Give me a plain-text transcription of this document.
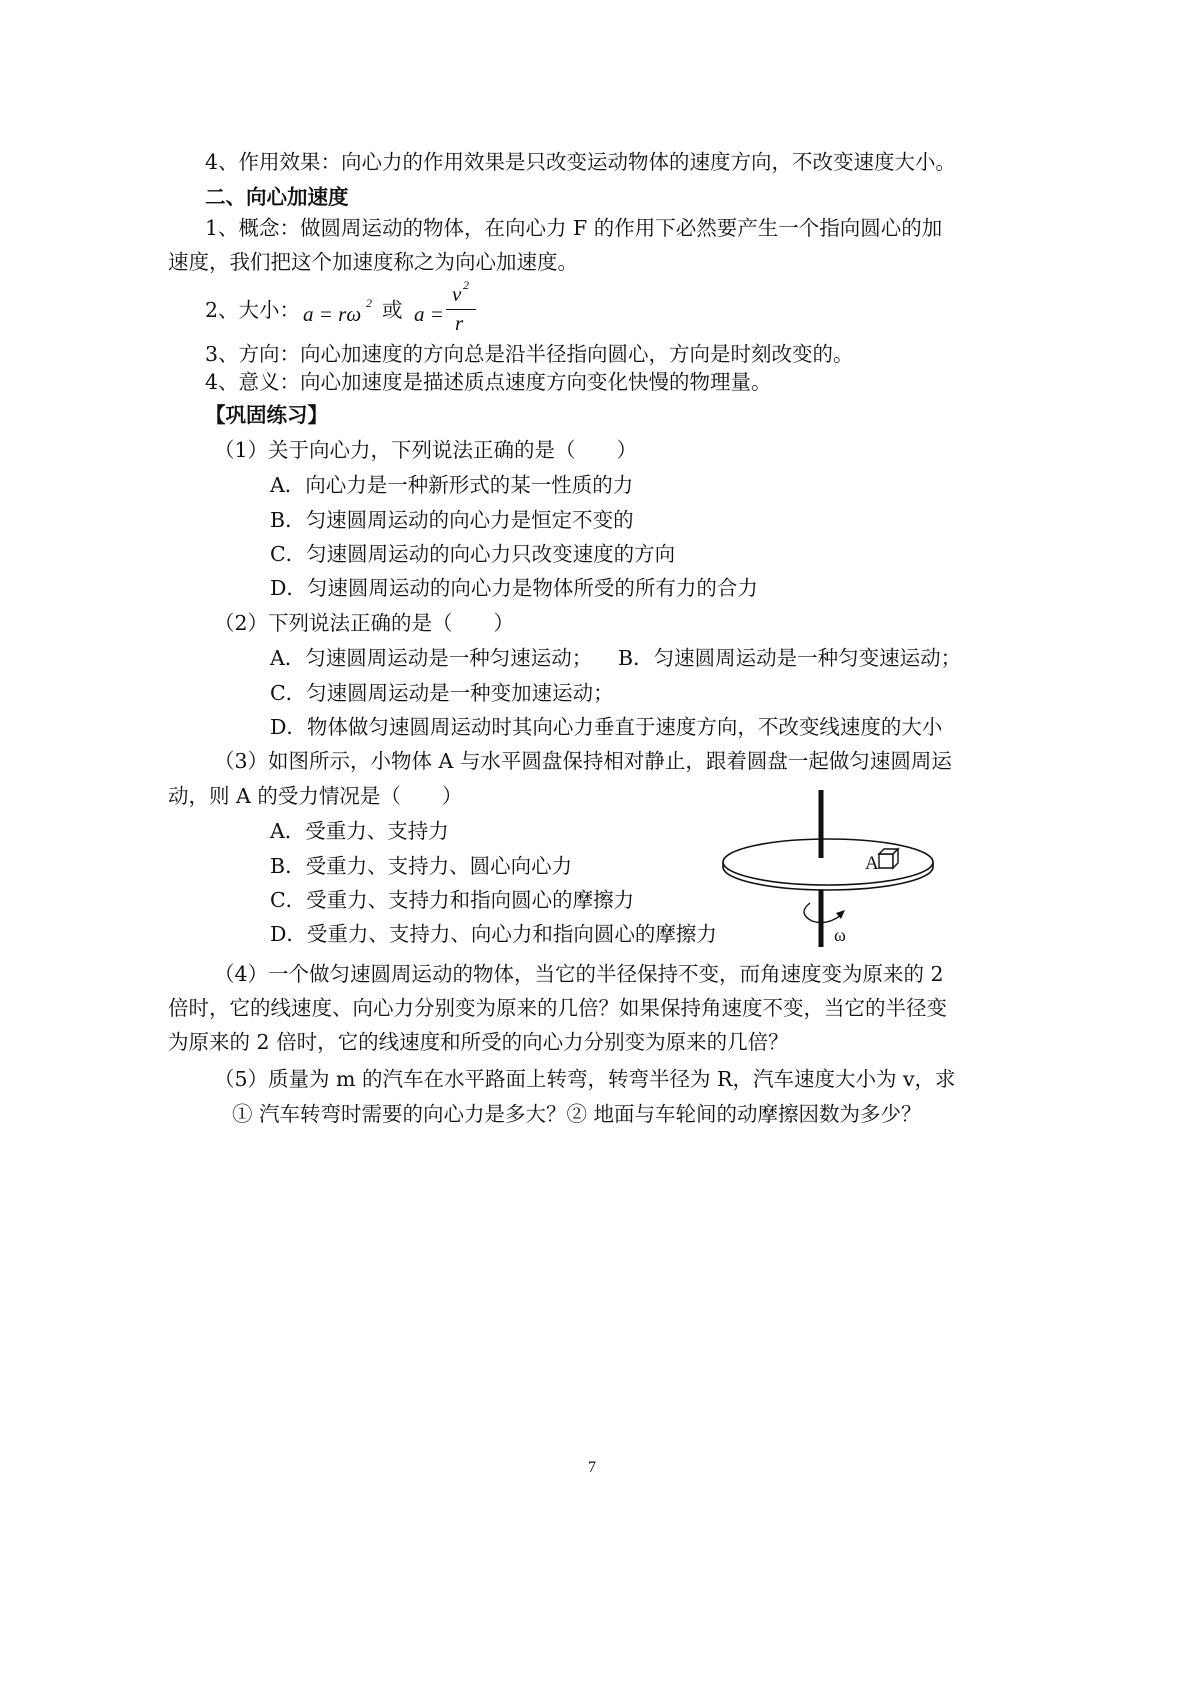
4、作用效果：向心力的作用效果是只改变运动物体的速度方向，不改变速度大小。
二、向心加速度
1、概念：做圆周运动的物体，在向心力 F 的作用下必然要产生一个指向圆心的加
速度，我们把这个加速度称之为向心加速度。
2、大小： a = rω 2 或 a =
v 2
r
3、方向：向心加速度的方向总是沿半径指向圆心，方向是时刻改变的。
4、意义：向心加速度是描述质点速度方向变化快慢的物理量。
【巩固练习】
（1）关于向心力，下列说法正确的是（　　）
A．向心力是一种新形式的某一性质的力
B．匀速圆周运动的向心力是恒定不变的
C．匀速圆周运动的向心力只改变速度的方向
D．匀速圆周运动的向心力是物体所受的所有力的合力
（2）下列说法正确的是（　　）
A．匀速圆周运动是一种匀速运动； B．匀速圆周运动是一种匀变速运动；
C．匀速圆周运动是一种变加速运动；
D．物体做匀速圆周运动时其向心力垂直于速度方向，不改变线速度的大小
（3）如图所示，小物体 A 与水平圆盘保持相对静止，跟着圆盘一起做匀速圆周运
动，则 A 的受力情况是（　　）
A．受重力、支持力
B．受重力、支持力、圆心向心力
C．受重力、支持力和指向圆心的摩擦力
D．受重力、支持力、向心力和指向圆心的摩擦力
A
ω
（4）一个做匀速圆周运动的物体，当它的半径保持不变，而角速度变为原来的 2
倍时，它的线速度、向心力分别变为原来的几倍？如果保持角速度不变，当它的半径变
为原来的 2 倍时，它的线速度和所受的向心力分别变为原来的几倍？
（5）质量为 m 的汽车在水平路面上转弯，转弯半径为 R，汽车速度大小为 v，求
① 汽车转弯时需要的向心力是多大？② 地面与车轮间的动摩擦因数为多少？
7
